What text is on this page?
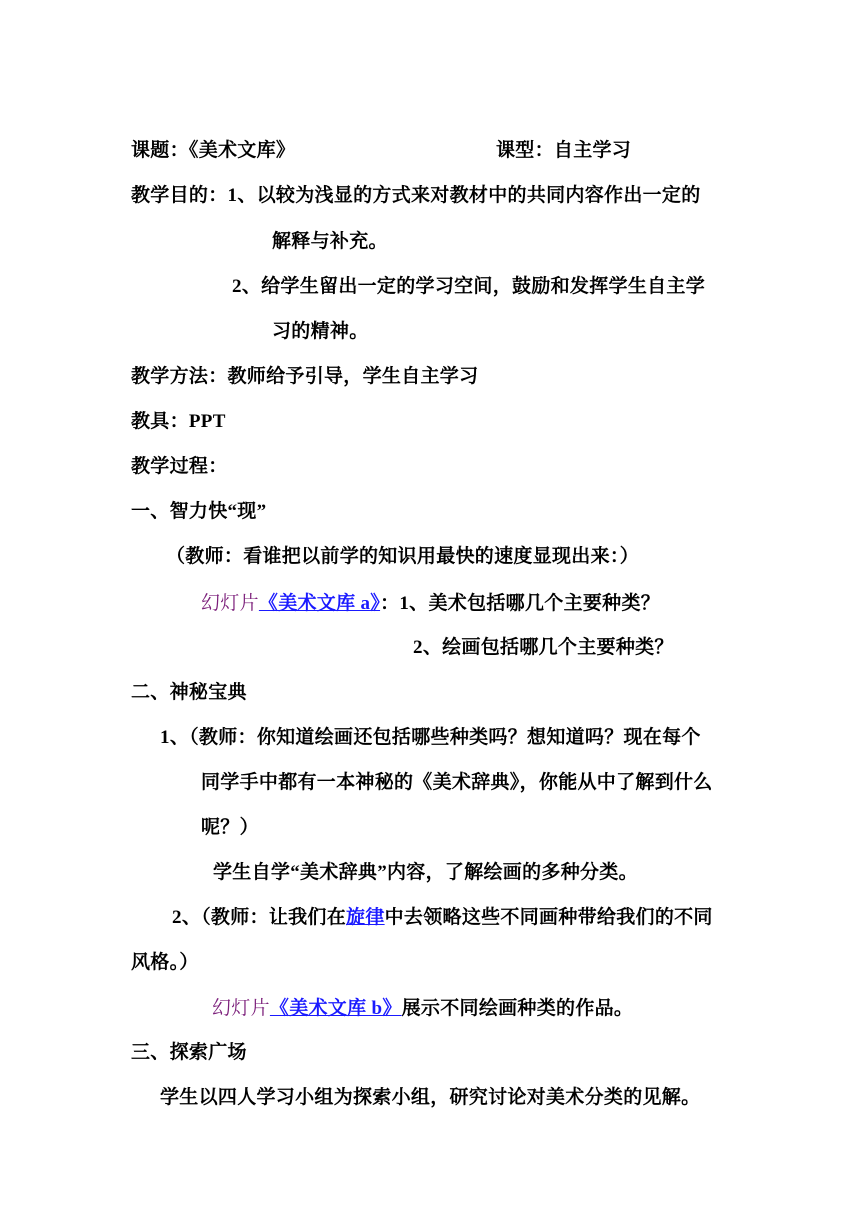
课题：《美术文库》	课型：自主学习
教学目的：1、以较为浅显的方式来对教材中的共同内容作出一定的
解释与补充。
2、给学生留出一定的学习空间，鼓励和发挥学生自主学
习的精神。
教学方法：教师给予引导，学生自主学习
教具：PPT
教学过程：
一、智力快“现”
（教师：看谁把以前学的知识用最快的速度显现出来：）
幻灯片《美术文库 a》：1、美术包括哪几个主要种类？
2、绘画包括哪几个主要种类？
二、神秘宝典
1、（教师：你知道绘画还包括哪些种类吗？想知道吗？现在每个
同学手中都有一本神秘的《美术辞典》，你能从中了解到什么
呢？）
学生自学“美术辞典”内容，了解绘画的多种分类。
2、（教师：让我们在旋律中去领略这些不同画种带给我们的不同
风格。）
幻灯片《美术文库 b》展示不同绘画种类的作品。
三、探索广场
学生以四人学习小组为探索小组，研究讨论对美术分类的见解。
